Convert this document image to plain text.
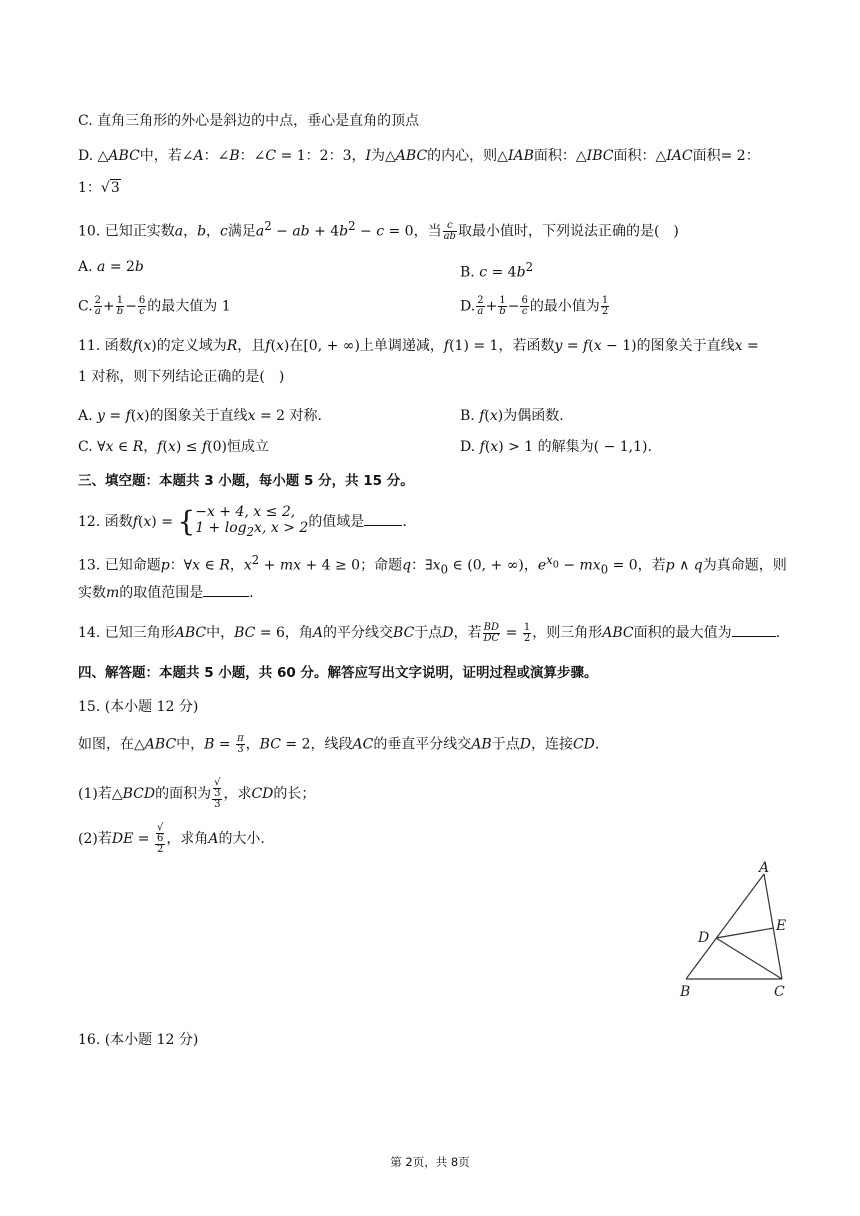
C. 直角三角形的外心是斜边的中点，垂心是直角的顶点
D. △ABC中，若∠A：∠B：∠C = 1：2：3，I为△ABC的内心，则△IAB面积：△IBC面积：△IAC面积= 2：
1：√3
10. 已知正实数a，b，c满足$a^2$ − ab + $4b^2 - c = 0$，当 $\frac{c}{ab}$ 取最小值时，下列说法正确的是(　)
A. a = 2b	B. $c = 4b^2$
C. $\frac{2}{a} + \frac{1}{b} - \frac{6}{c}$ 的最大值为 1	D. $\frac{2}{a} + \frac{1}{b} - \frac{6}{c}$ 的最小值为 $\frac{1}{2}$
11. 函数f(x)的定义域为R，且f(x)在[0, + ∞)上单调递减，f(1) = 1，若函数y = f(x − 1)的图象关于直线x =
1 对称，则下列结论正确的是(　)
A. y = f(x)的图象关于直线x = 2 对称.	B. f(x)为偶函数.
C. ∀x ∈ R，f(x) ≤ f(0)恒成立	D. f(x) > 1 的解集为( − 1,1).
三、填空题：本题共 3 小题，每小题 5 分，共 15 分。
12. 函数f(x) = { −x + 4, x ≤ 2,
$1 + \log_2x$, x > 2 的值域是	.
13. 已知命题p：∀x ∈ R，$x^2$ + mx + 4 ≥ 0；命题q：$\exists x_0$ ∈ (0, + ∞)，$e^{x_0} - mx_0 = 0$，若p ∧ q为真命题，则
实数m的取值范围是	.
14. 已知三角形ABC中，BC = 6，角A的平分线交BC于点D，若 $\frac{BD}{DC} = \frac{1}{2}$ ，则三角形ABC面积的最大值为	.
四、解答题：本题共 5 小题，共 60 分。解答应写出文字说明，证明过程或演算步骤。
15. (本小题 12 分)
如图，在△ABC中，$B = \frac{\pi}{3}$ ，BC = 2，线段AC的垂直平分线交AB于点D，连接CD.
(1)若△BCD的面积为 √
3
3 ，求CD的长；
(2)若DE = √
6
2 ，求角A的大小.
A
B	C
D
E
16. (本小题 12 分)
第 2页，共 8页
